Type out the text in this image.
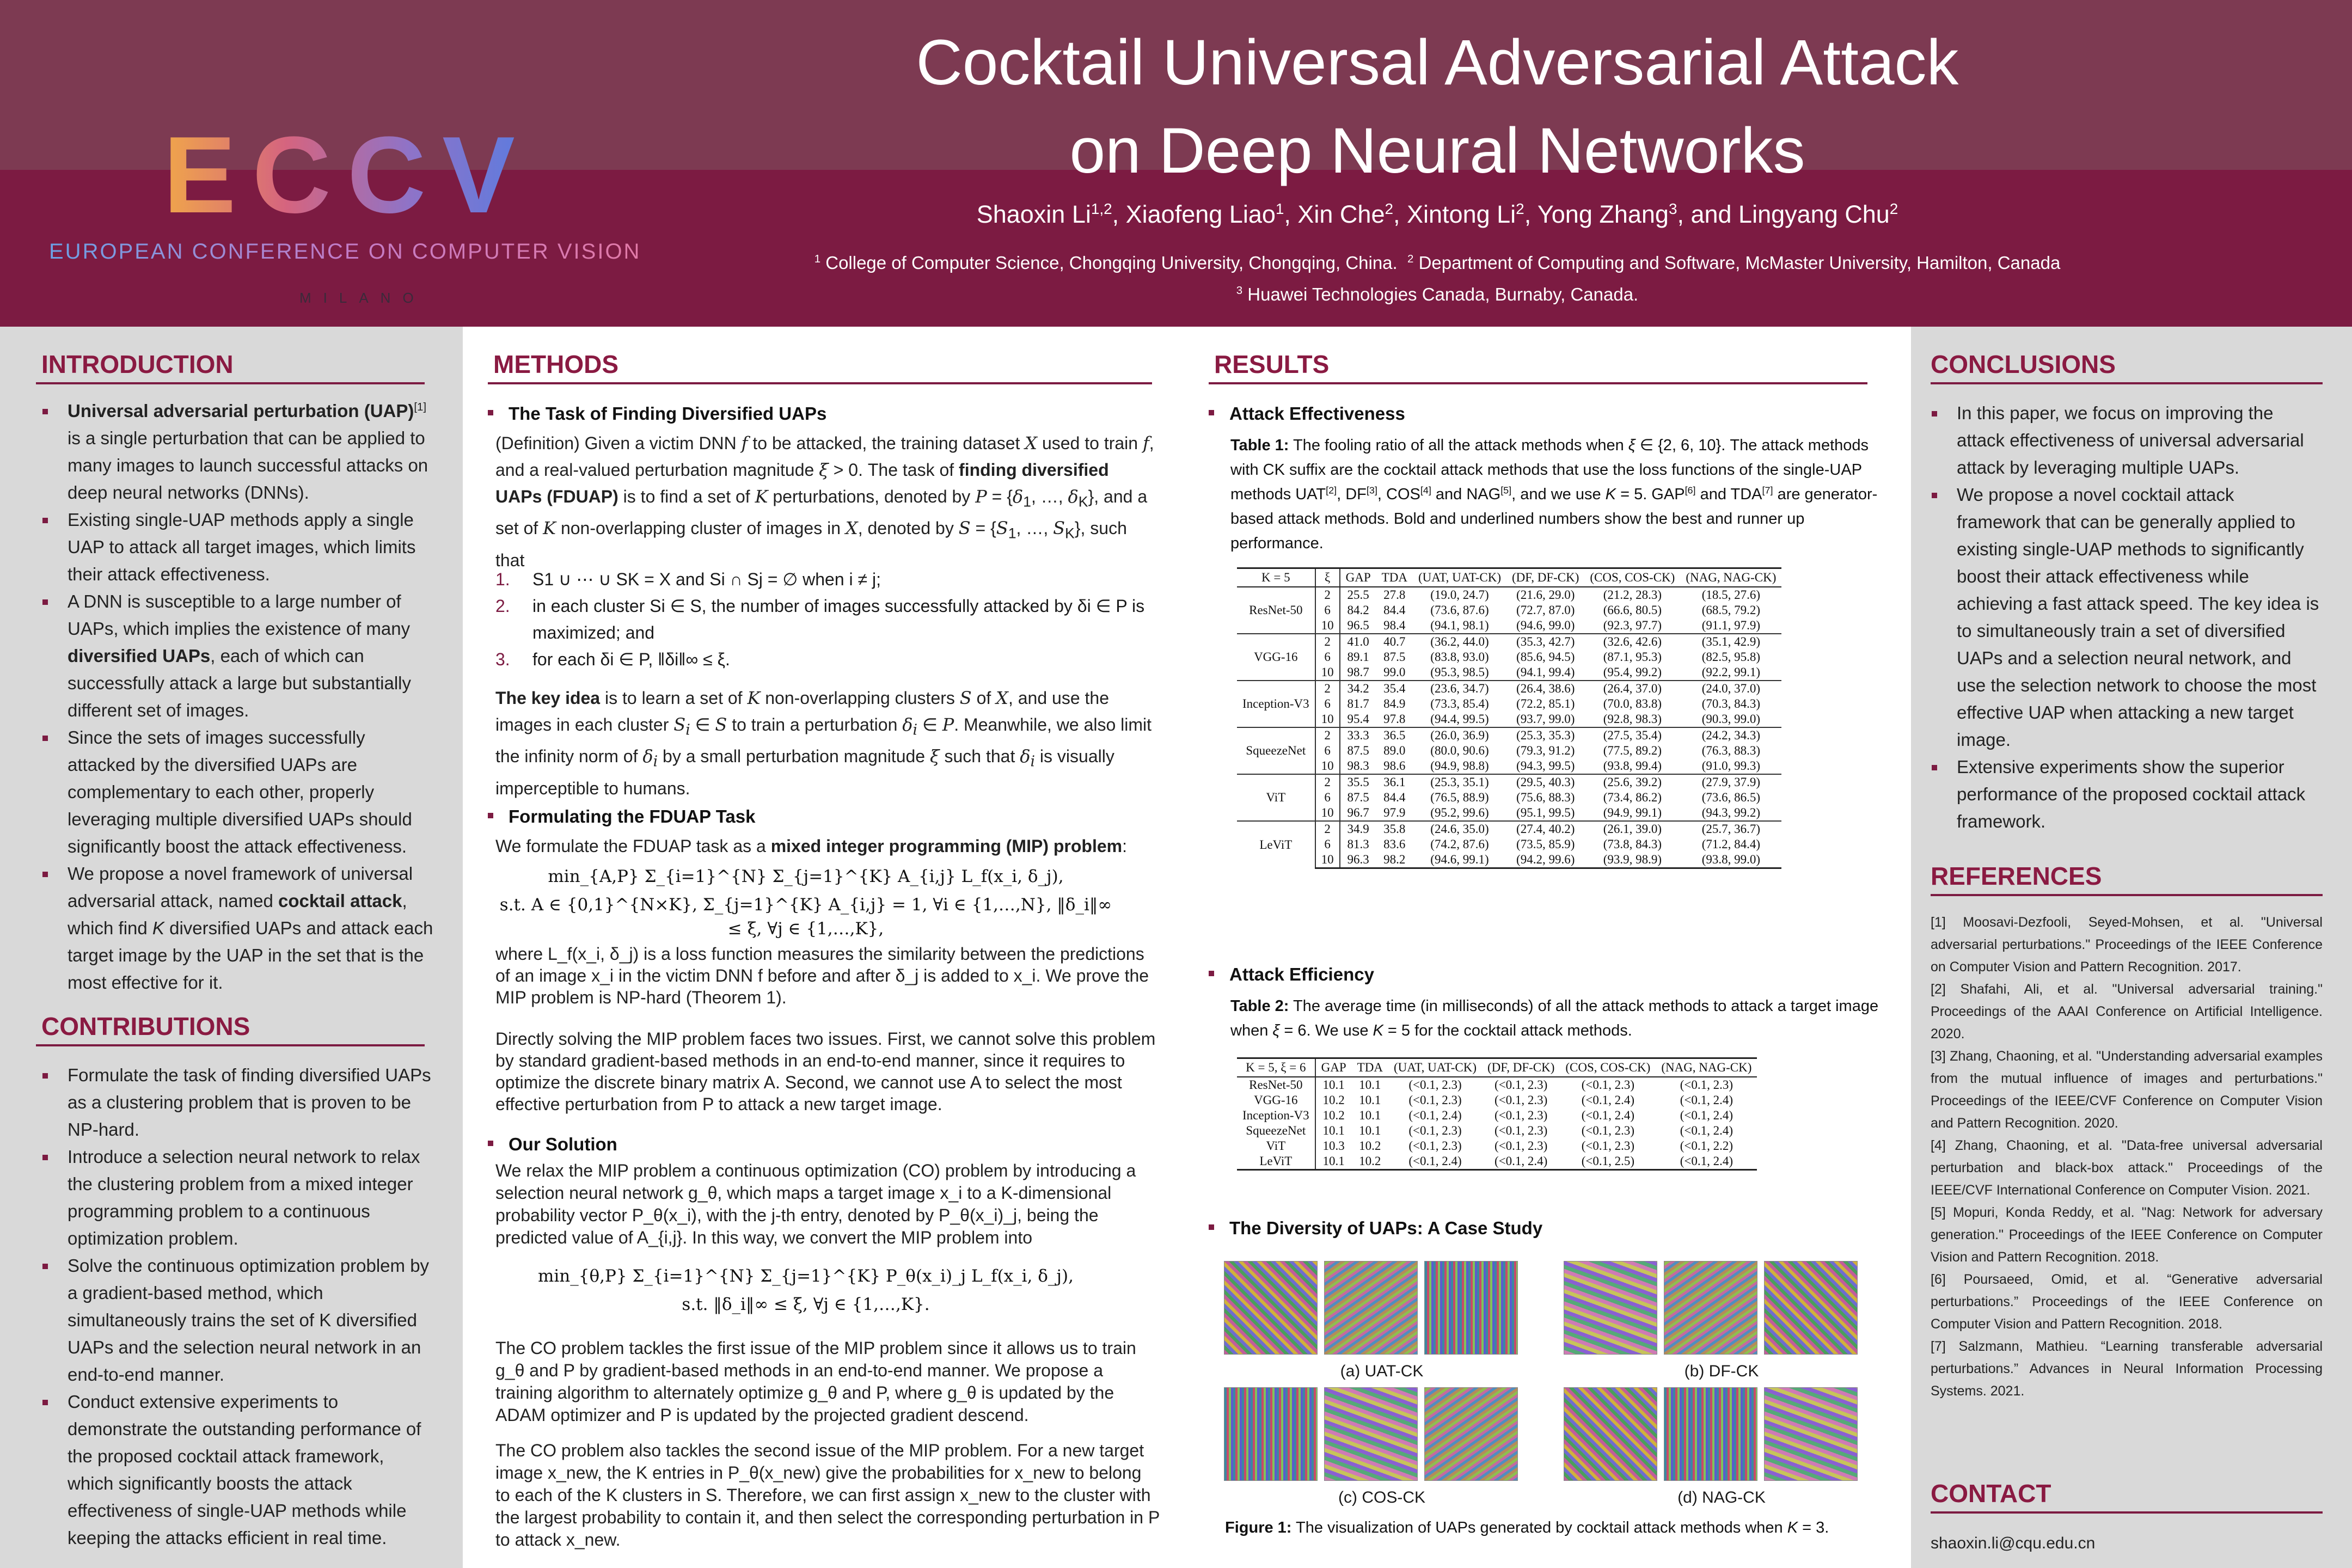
ECCV
EUROPEAN CONFERENCE ON COMPUTER VISION
MILANO
Cocktail Universal Adversarial Attack
on Deep Neural Networks
Shaoxin Li$^{1,2}$, Xiaofeng Liao$^1$, Xin Che$^2$, Xintong Li$^2$, Yong Zhang$^3$, and Lingyang Chu$^2$
$^1$ College of Computer Science, Chongqing University, Chongqing, China.  $^2$ Department of Computing and Software, McMaster University, Hamilton, Canada
$^3$ Huawei Technologies Canada, Burnaby, Canada.
INTRODUCTION
Universal adversarial perturbation (UAP)[1] is a single perturbation that can be applied to many images to launch successful attacks on deep neural networks (DNNs).
Existing single-UAP methods apply a single UAP to attack all target images, which limits their attack effectiveness.
A DNN is susceptible to a large number of UAPs, which implies the existence of many diversified UAPs, each of which can successfully attack a large but substantially different set of images.
Since the sets of images successfully attacked by the diversified UAPs are complementary to each other, properly leveraging multiple diversified UAPs should significantly boost the attack effectiveness.
We propose a novel framework of universal adversarial attack, named cocktail attack, which find K diversified UAPs and attack each target image by the UAP in the set that is the most effective for it.
CONTRIBUTIONS
Formulate the task of finding diversified UAPs as a clustering problem that is proven to be NP-hard.
Introduce a selection neural network to relax the clustering problem from a mixed integer programming problem to a continuous optimization problem.
Solve the continuous optimization problem by a gradient-based method, which simultaneously trains the set of K diversified UAPs and the selection neural network in an end-to-end manner.
Conduct extensive experiments to demonstrate the outstanding performance of the proposed cocktail attack framework, which significantly boosts the attack effectiveness of single-UAP methods while keeping the attacks efficient in real time.
METHODS
The Task of Finding Diversified UAPs
(Definition) Given a victim DNN f to be attacked, the training dataset X used to train f, and a real-valued perturbation magnitude ξ > 0. The task of finding diversified UAPs (FDUAP) is to find a set of K perturbations, denoted by $P = \{\delta_1$, …, $\delta_K$}, and a set of K non-overlapping cluster of images in X, denoted by $S = \{S_1$, …, $S_K$}, such that
1. S1 ∪ ⋯ ∪ SK = X and Si ∩ Sj = ∅ when i ≠ j;
2. in each cluster Si ∈ S, the number of images successfully attacked by δi ∈ P is maximized; and
3. for each δi ∈ P, ‖δi‖∞ ≤ ξ.
The key idea is to learn a set of K non-overlapping clusters S of X, and use the images in each cluster $S_i$ ∈ S to train a perturbation $\delta_i$ ∈ P. Meanwhile, we also limit the infinity norm of $\delta_i$ by a small perturbation magnitude ξ such that $\delta_i$ is visually imperceptible to humans.
Formulating the FDUAP Task
We formulate the FDUAP task as a mixed integer programming (MIP) problem:
min_{A,P} Σ_{i=1}^{N} Σ_{j=1}^{K} A_{i,j} L_f(x_i, δ_j),
s.t. A ∈ {0,1}^{N×K}, Σ_{j=1}^{K} A_{i,j} = 1, ∀i ∈ {1,…,N}, ‖δ_i‖∞ ≤ ξ, ∀j ∈ {1,…,K},
where L_f(x_i, δ_j) is a loss function measures the similarity between the predictions of an image x_i in the victim DNN f before and after δ_j is added to x_i. We prove the MIP problem is NP-hard (Theorem 1).
Directly solving the MIP problem faces two issues. First, we cannot solve this problem by standard gradient-based methods in an end-to-end manner, since it requires to optimize the discrete binary matrix A. Second, we cannot use A to select the most effective perturbation from P to attack a new target image.
Our Solution
We relax the MIP problem a continuous optimization (CO) problem by introducing a selection neural network g_θ, which maps a target image x_i to a K-dimensional probability vector P_θ(x_i), with the j-th entry, denoted by P_θ(x_i)_j, being the predicted value of A_{i,j}. In this way, we convert the MIP problem into
min_{θ,P} Σ_{i=1}^{N} Σ_{j=1}^{K} P_θ(x_i)_j L_f(x_i, δ_j),
s.t. ‖δ_i‖∞ ≤ ξ, ∀j ∈ {1,…,K}.
The CO problem tackles the first issue of the MIP problem since it allows us to train g_θ and P by gradient-based methods in an end-to-end manner. We propose a training algorithm to alternately optimize g_θ and P, where g_θ is updated by the ADAM optimizer and P is updated by the projected gradient descend.
The CO problem also tackles the second issue of the MIP problem. For a new target image x_new, the K entries in P_θ(x_new) give the probabilities for x_new to belong to each of the K clusters in S. Therefore, we can first assign x_new to the cluster with the largest probability to contain it, and then select the corresponding perturbation in P to attack x_new.
RESULTS
Attack Effectiveness
Table 1: The fooling ratio of all the attack methods when ξ ∈ {2, 6, 10}. The attack methods with CK suffix are the cocktail attack methods that use the loss functions of the single-UAP methods UAT[2], DF[3], COS[4] and NAG[5], and we use K = 5. GAP[6] and TDA[7] are generator-based attack methods. Bold and underlined numbers show the best and runner up performance.
K = 5	ξ	GAP	TDA	(UAT, UAT-CK)	(DF, DF-CK)	(COS, COS-CK)	(NAG, NAG-CK)
ResNet-50	2	25.5	27.8	(19.0, 24.7)	(21.6, 29.0)	(21.2, 28.3)	(18.5, 27.6)
	6	84.2	84.4	(73.6, 87.6)	(72.7, 87.0)	(66.6, 80.5)	(68.5, 79.2)
	10	96.5	98.4	(94.1, 98.1)	(94.6, 99.0)	(92.3, 97.7)	(91.1, 97.9)
VGG-16	2	41.0	40.7	(36.2, 44.0)	(35.3, 42.7)	(32.6, 42.6)	(35.1, 42.9)
	6	89.1	87.5	(83.8, 93.0)	(85.6, 94.5)	(87.1, 95.3)	(82.5, 95.8)
	10	98.7	99.0	(95.3, 98.5)	(94.1, 99.4)	(95.4, 99.2)	(92.2, 99.1)
Inception-V3	2	34.2	35.4	(23.6, 34.7)	(26.4, 38.6)	(26.4, 37.0)	(24.0, 37.0)
	6	81.7	84.9	(73.3, 85.4)	(72.2, 85.1)	(70.0, 83.8)	(70.3, 84.3)
	10	95.4	97.8	(94.4, 99.5)	(93.7, 99.0)	(92.8, 98.3)	(90.3, 99.0)
SqueezeNet	2	33.3	36.5	(26.0, 36.9)	(25.3, 35.3)	(27.5, 35.4)	(24.2, 34.3)
	6	87.5	89.0	(80.0, 90.6)	(79.3, 91.2)	(77.5, 89.2)	(76.3, 88.3)
	10	98.3	98.6	(94.9, 98.8)	(94.3, 99.5)	(93.8, 99.4)	(91.0, 99.3)
ViT	2	35.5	36.1	(25.3, 35.1)	(29.5, 40.3)	(25.6, 39.2)	(27.9, 37.9)
	6	87.5	84.4	(76.5, 88.9)	(75.6, 88.3)	(73.4, 86.2)	(73.6, 86.5)
	10	96.7	97.9	(95.2, 99.6)	(95.1, 99.5)	(94.9, 99.1)	(94.3, 99.2)
LeViT	2	34.9	35.8	(24.6, 35.0)	(27.4, 40.2)	(26.1, 39.0)	(25.7, 36.7)
	6	81.3	83.6	(74.2, 87.6)	(73.5, 85.9)	(73.8, 84.3)	(71.2, 84.4)
	10	96.3	98.2	(94.6, 99.1)	(94.2, 99.6)	(93.9, 98.9)	(93.8, 99.0)
Attack Efficiency
Table 2: The average time (in milliseconds) of all the attack methods to attack a target image when ξ = 6. We use K = 5 for the cocktail attack methods.
K = 5, ξ = 6	GAP	TDA	(UAT, UAT-CK)	(DF, DF-CK)	(COS, COS-CK)	(NAG, NAG-CK)
ResNet-50	10.1	10.1	(<0.1, 2.3)	(<0.1, 2.3)	(<0.1, 2.3)	(<0.1, 2.3)
VGG-16	10.2	10.1	(<0.1, 2.3)	(<0.1, 2.3)	(<0.1, 2.4)	(<0.1, 2.4)
Inception-V3	10.2	10.1	(<0.1, 2.4)	(<0.1, 2.3)	(<0.1, 2.4)	(<0.1, 2.4)
SqueezeNet	10.1	10.1	(<0.1, 2.3)	(<0.1, 2.3)	(<0.1, 2.3)	(<0.1, 2.4)
ViT	10.3	10.2	(<0.1, 2.3)	(<0.1, 2.3)	(<0.1, 2.3)	(<0.1, 2.2)
LeViT	10.1	10.2	(<0.1, 2.4)	(<0.1, 2.4)	(<0.1, 2.5)	(<0.1, 2.4)
The Diversity of UAPs: A Case Study
(a) UAT-CK	(b) DF-CK
(c) COS-CK	(d) NAG-CK
Figure 1: The visualization of UAPs generated by cocktail attack methods when K = 3.
CONCLUSIONS
In this paper, we focus on improving the attack effectiveness of universal adversarial attack by leveraging multiple UAPs.
We propose a novel cocktail attack framework that can be generally applied to existing single-UAP methods to significantly boost their attack effectiveness while achieving a fast attack speed. The key idea is to simultaneously train a set of diversified UAPs and a selection neural network, and use the selection network to choose the most effective UAP when attacking a new target image.
Extensive experiments show the superior performance of the proposed cocktail attack framework.
REFERENCES
[1] Moosavi-Dezfooli, Seyed-Mohsen, et al. "Universal adversarial perturbations." Proceedings of the IEEE Conference on Computer Vision and Pattern Recognition. 2017.
[2] Shafahi, Ali, et al. "Universal adversarial training." Proceedings of the AAAI Conference on Artificial Intelligence. 2020.
[3] Zhang, Chaoning, et al. "Understanding adversarial examples from the mutual influence of images and perturbations." Proceedings of the IEEE/CVF Conference on Computer Vision and Pattern Recognition. 2020.
[4] Zhang, Chaoning, et al. "Data-free universal adversarial perturbation and black-box attack." Proceedings of the IEEE/CVF International Conference on Computer Vision. 2021.
[5] Mopuri, Konda Reddy, et al. "Nag: Network for adversary generation." Proceedings of the IEEE Conference on Computer Vision and Pattern Recognition. 2018.
[6] Poursaeed, Omid, et al. “Generative adversarial perturbations.” Proceedings of the IEEE Conference on Computer Vision and Pattern Recognition. 2018.
[7] Salzmann, Mathieu. “Learning transferable adversarial perturbations.” Advances in Neural Information Processing Systems. 2021.
CONTACT
shaoxin.li@cqu.edu.cn
